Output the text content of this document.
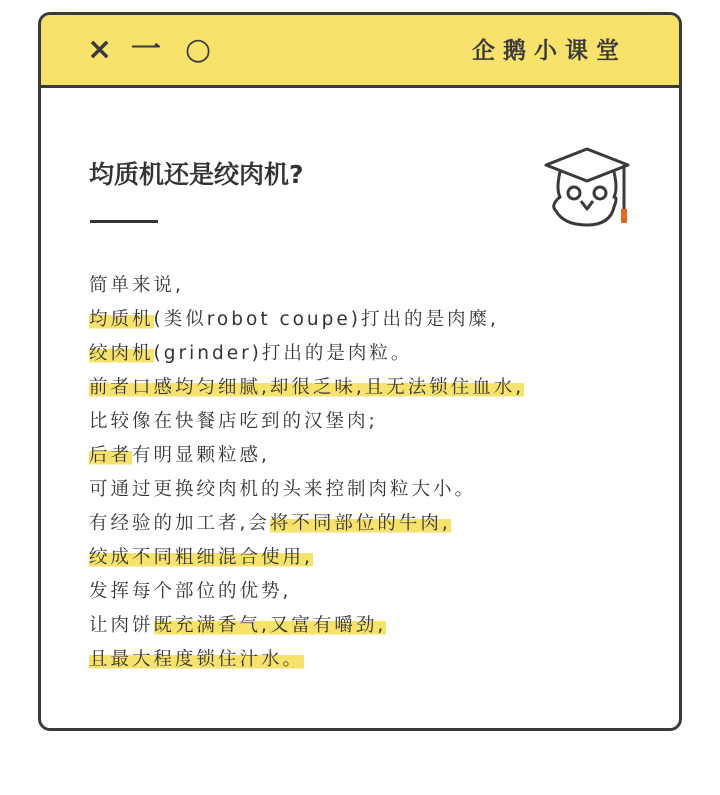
× 一 ○	企鹅小课堂
均质机还是绞肉机?
简单来说,
均质机(类似robot coupe)打出的是肉糜,
绞肉机(grinder)打出的是肉粒。
前者口感均匀细腻,却很乏味,且无法锁住血水,
比较像在快餐店吃到的汉堡肉;
后者有明显颗粒感,
可通过更换绞肉机的头来控制肉粒大小。
有经验的加工者,会将不同部位的牛肉,
绞成不同粗细混合使用,
发挥每个部位的优势,
让肉饼既充满香气,又富有嚼劲,
且最大程度锁住汁水。
